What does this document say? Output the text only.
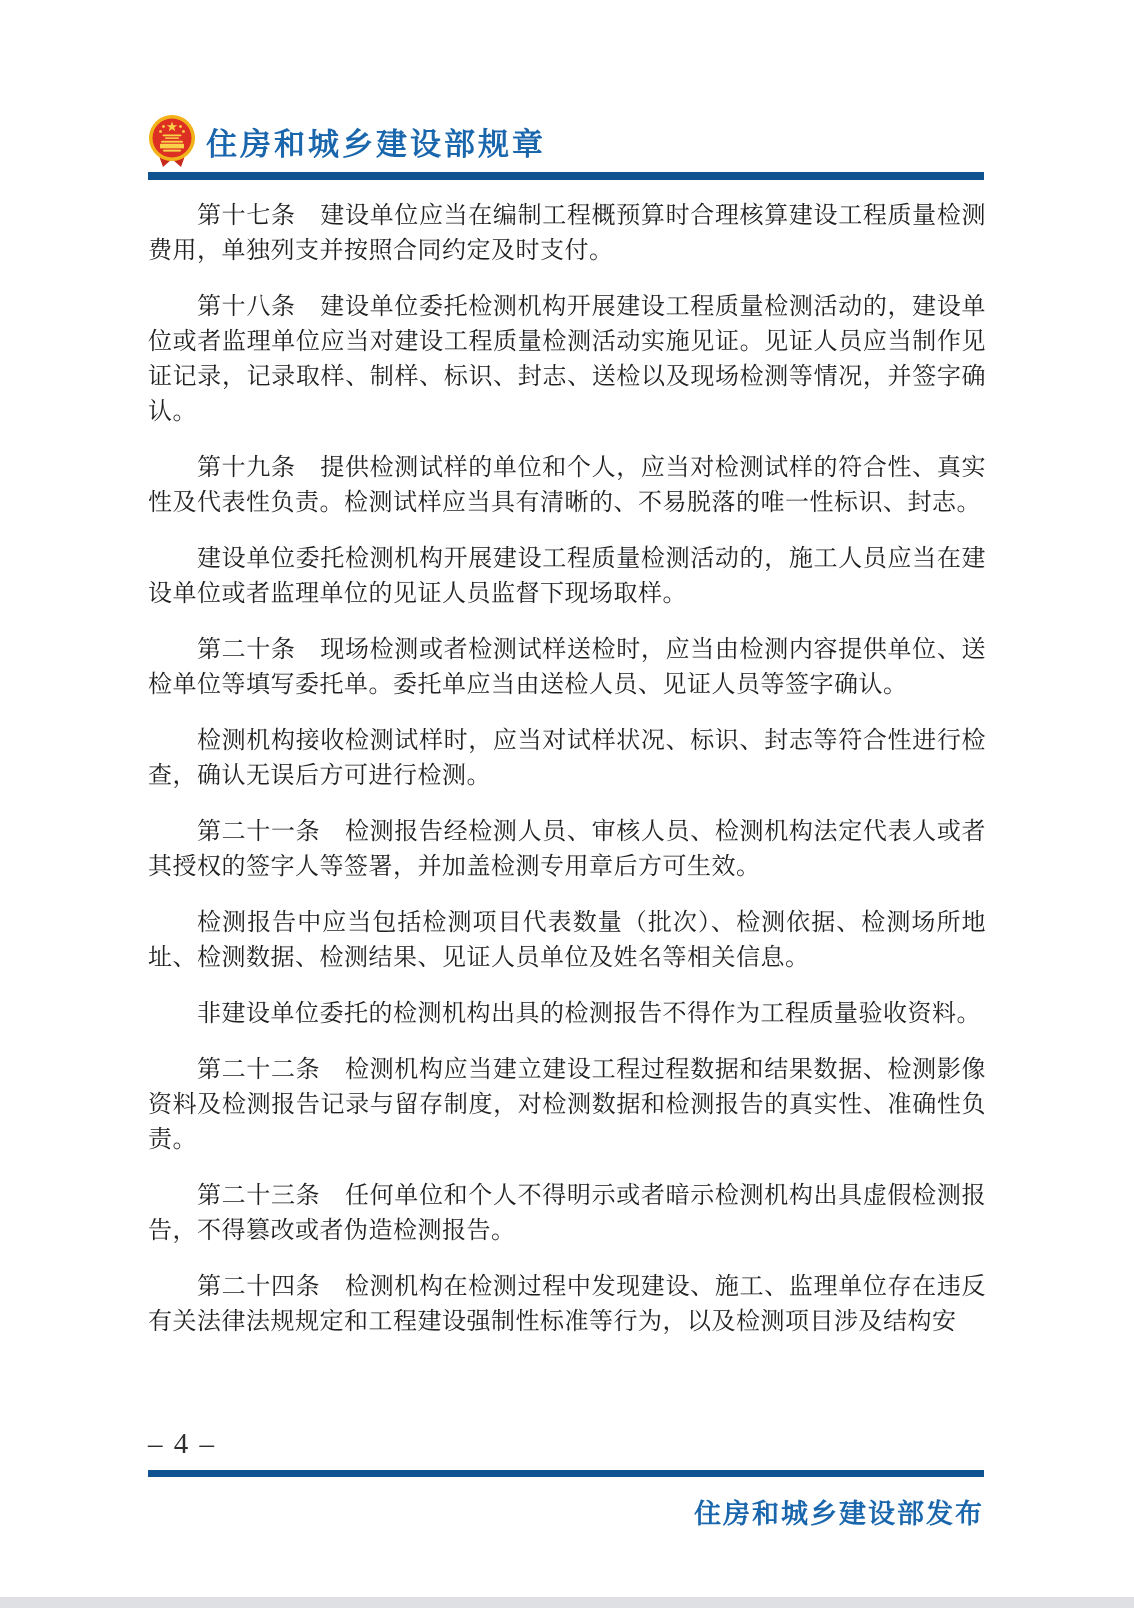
住房和城乡建设部规章

第十七条　建设单位应当在编制工程概预算时合理核算建设工程质量检测费用，单独列支并按照合同约定及时支付。

第十八条　建设单位委托检测机构开展建设工程质量检测活动的，建设单位或者监理单位应当对建设工程质量检测活动实施见证。见证人员应当制作见证记录，记录取样、制样、标识、封志、送检以及现场检测等情况，并签字确认。

第十九条　提供检测试样的单位和个人，应当对检测试样的符合性、真实性及代表性负责。检测试样应当具有清晰的、不易脱落的唯一性标识、封志。

建设单位委托检测机构开展建设工程质量检测活动的，施工人员应当在建设单位或者监理单位的见证人员监督下现场取样。

第二十条　现场检测或者检测试样送检时，应当由检测内容提供单位、送检单位等填写委托单。委托单应当由送检人员、见证人员等签字确认。

检测机构接收检测试样时，应当对试样状况、标识、封志等符合性进行检查，确认无误后方可进行检测。

第二十一条　检测报告经检测人员、审核人员、检测机构法定代表人或者其授权的签字人等签署，并加盖检测专用章后方可生效。

检测报告中应当包括检测项目代表数量（批次）、检测依据、检测场所地址、检测数据、检测结果、见证人员单位及姓名等相关信息。

非建设单位委托的检测机构出具的检测报告不得作为工程质量验收资料。

第二十二条　检测机构应当建立建设工程过程数据和结果数据、检测影像资料及检测报告记录与留存制度，对检测数据和检测报告的真实性、准确性负责。

第二十三条　任何单位和个人不得明示或者暗示检测机构出具虚假检测报告，不得篡改或者伪造检测报告。

第二十四条　检测机构在检测过程中发现建设、施工、监理单位存在违反有关法律法规规定和工程建设强制性标准等行为，以及检测项目涉及结构安

– 4 –
住房和城乡建设部发布
